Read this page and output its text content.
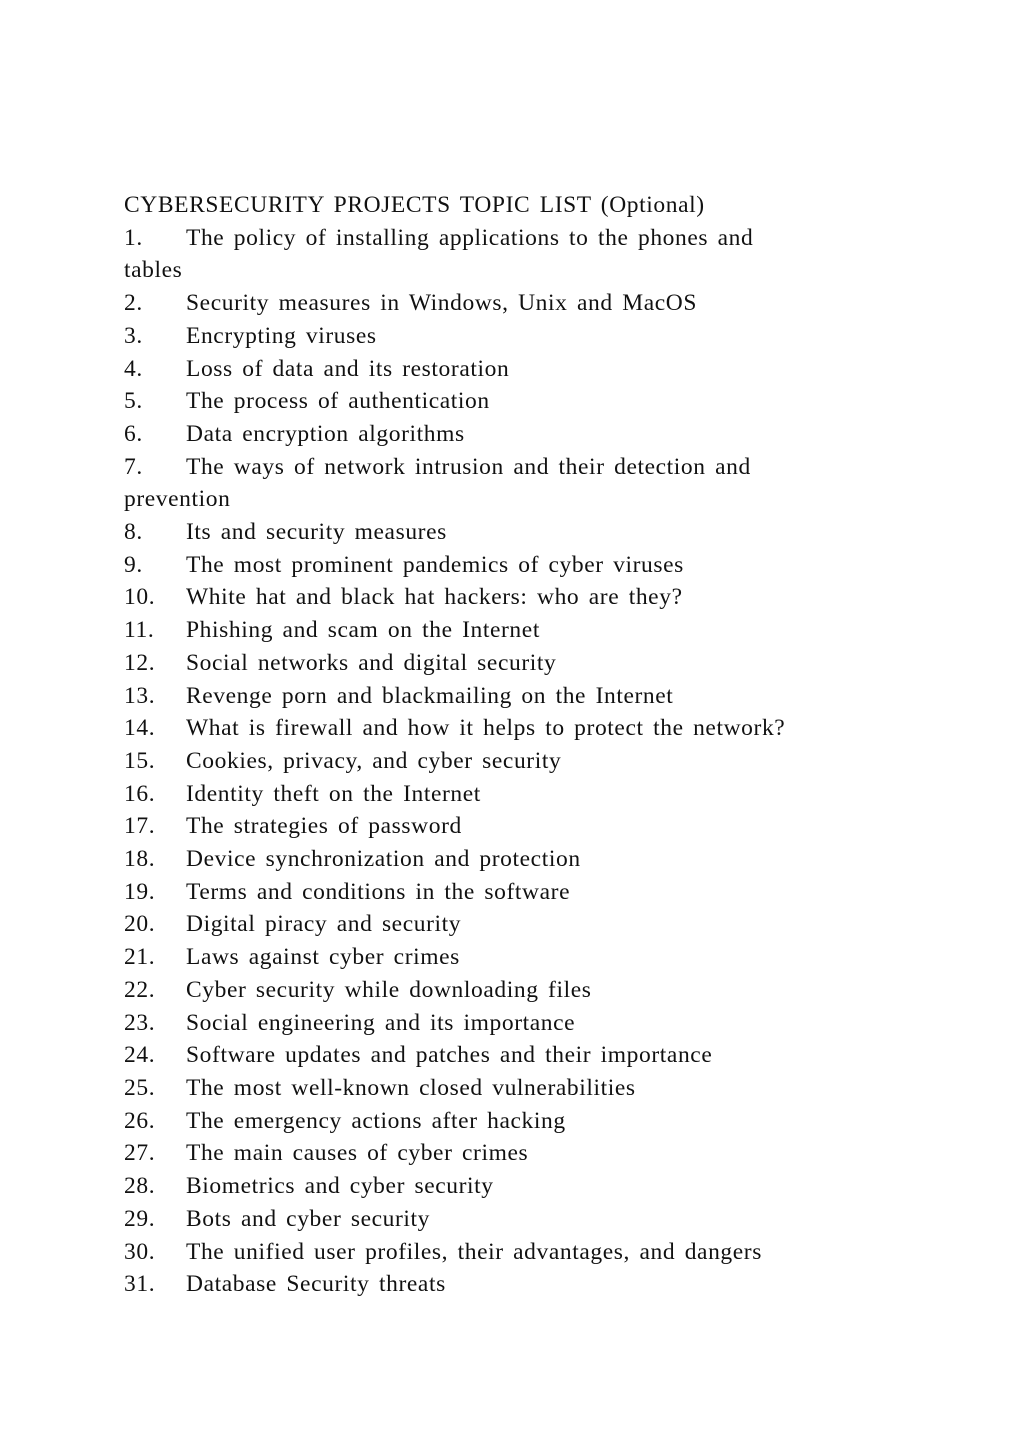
CYBERSECURITY PROJECTS TOPIC LIST (Optional)
1. The policy of installing applications to the phones and
tables
2. Security measures in Windows, Unix and MacOS
3. Encrypting viruses
4. Loss of data and its restoration
5. The process of authentication
6. Data encryption algorithms
7. The ways of network intrusion and their detection and
prevention
8. Its and security measures
9. The most prominent pandemics of cyber viruses
10. White hat and black hat hackers: who are they?
11. Phishing and scam on the Internet
12. Social networks and digital security
13. Revenge porn and blackmailing on the Internet
14. What is firewall and how it helps to protect the network?
15. Cookies, privacy, and cyber security
16. Identity theft on the Internet
17. The strategies of password
18. Device synchronization and protection
19. Terms and conditions in the software
20. Digital piracy and security
21. Laws against cyber crimes
22. Cyber security while downloading files
23. Social engineering and its importance
24. Software updates and patches and their importance
25. The most well-known closed vulnerabilities
26. The emergency actions after hacking
27. The main causes of cyber crimes
28. Biometrics and cyber security
29. Bots and cyber security
30. The unified user profiles, their advantages, and dangers
31. Database Security threats
